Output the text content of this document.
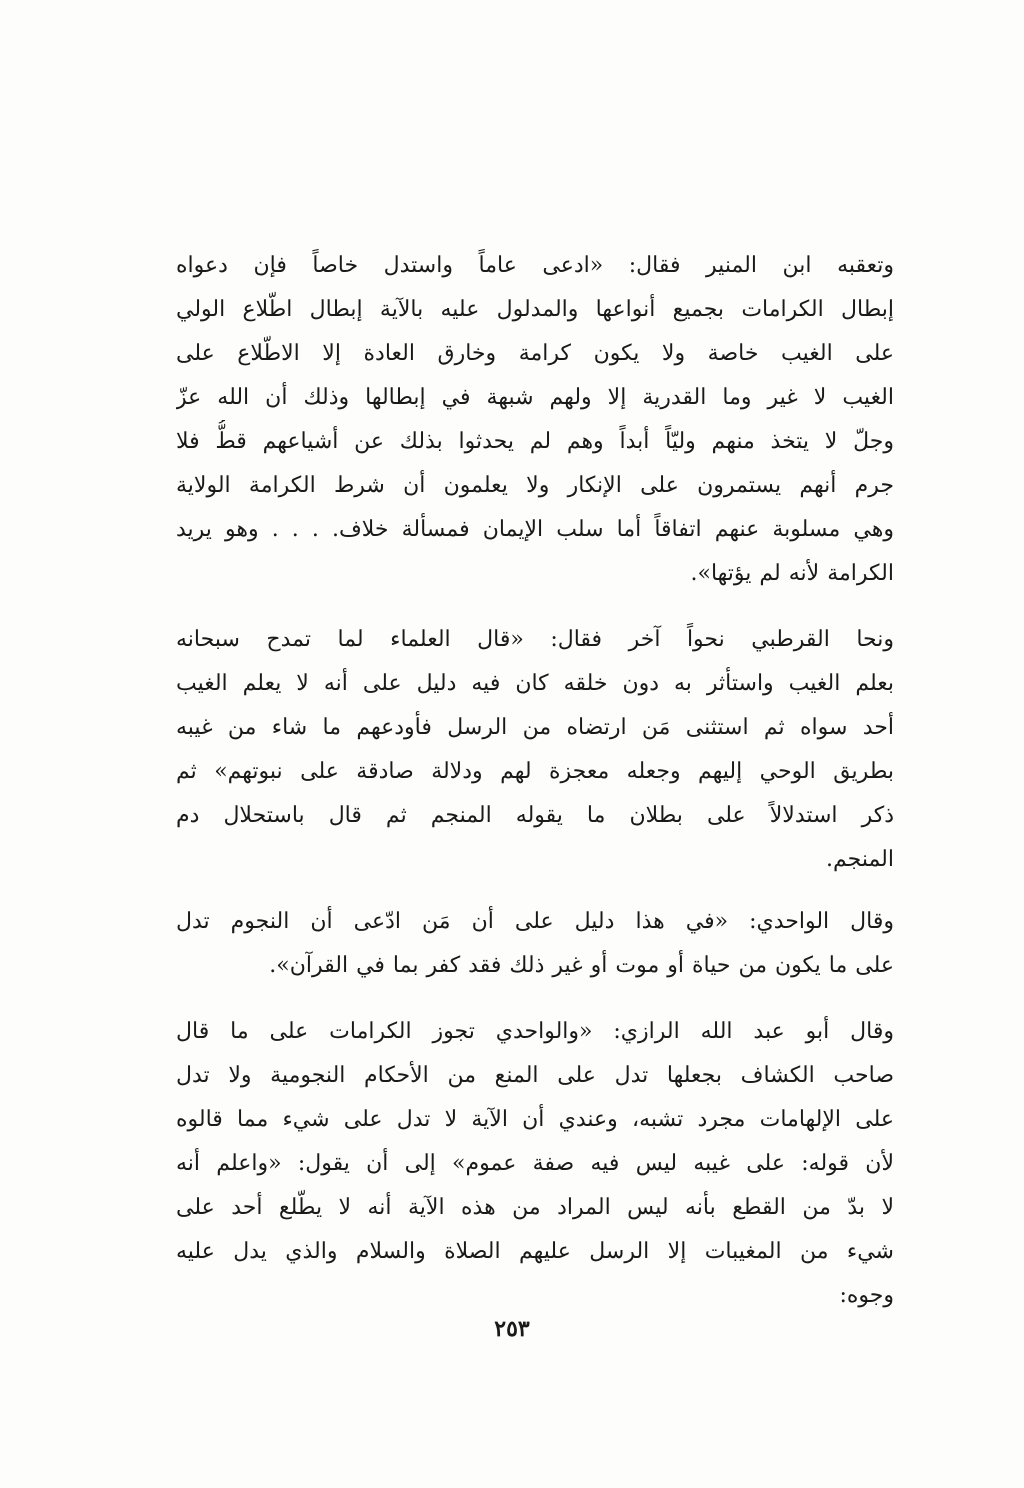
وتعقبه ابن المنير فقال: «ادعى عاماً واستدل خاصاً فإن دعواه
إبطال الكرامات بجميع أنواعها والمدلول عليه بالآية إبطال اطّلاع الولي
على الغيب خاصة ولا يكون كرامة وخارق العادة إلا الاطّلاع على
الغيب لا غير وما القدرية إلا ولهم شبهة في إبطالها وذلك أن الله عزّ
وجلّ لا يتخذ منهم وليّاً أبداً وهم لم يحدثوا بذلك عن أشياعهم قطُّ فلا
جرم أنهم يستمرون على الإنكار ولا يعلمون أن شرط الكرامة الولاية
وهي مسلوبة عنهم اتفاقاً أما سلب الإيمان فمسألة خلاف. . . . وهو يريد
الكرامة لأنه لم يؤتها».
ونحا القرطبي نحواً آخر فقال: «قال العلماء لما تمدح سبحانه
بعلم الغيب واستأثر به دون خلقه كان فيه دليل على أنه لا يعلم الغيب
أحد سواه ثم استثنى مَن ارتضاه من الرسل فأودعهم ما شاء من غيبه
بطريق الوحي إليهم وجعله معجزة لهم ودلالة صادقة على نبوتهم» ثم
ذكر استدلالاً على بطلان ما يقوله المنجم ثم قال باستحلال دم
المنجم.
وقال الواحدي: «في هذا دليل على أن مَن ادّعى أن النجوم تدل
على ما يكون من حياة أو موت أو غير ذلك فقد كفر بما في القرآن».
وقال أبو عبد الله الرازي: «والواحدي تجوز الكرامات على ما قال
صاحب الكشاف بجعلها تدل على المنع من الأحكام النجومية ولا تدل
على الإلهامات مجرد تشبه، وعندي أن الآية لا تدل على شيء مما قالوه
لأن قوله: على غيبه ليس فيه صفة عموم» إلى أن يقول: «واعلم أنه
لا بدّ من القطع بأنه ليس المراد من هذه الآية أنه لا يطّلع أحد على
شيء من المغيبات إلا الرسل عليهم الصلاة والسلام والذي يدل عليه
وجوه:
٢٥٣
